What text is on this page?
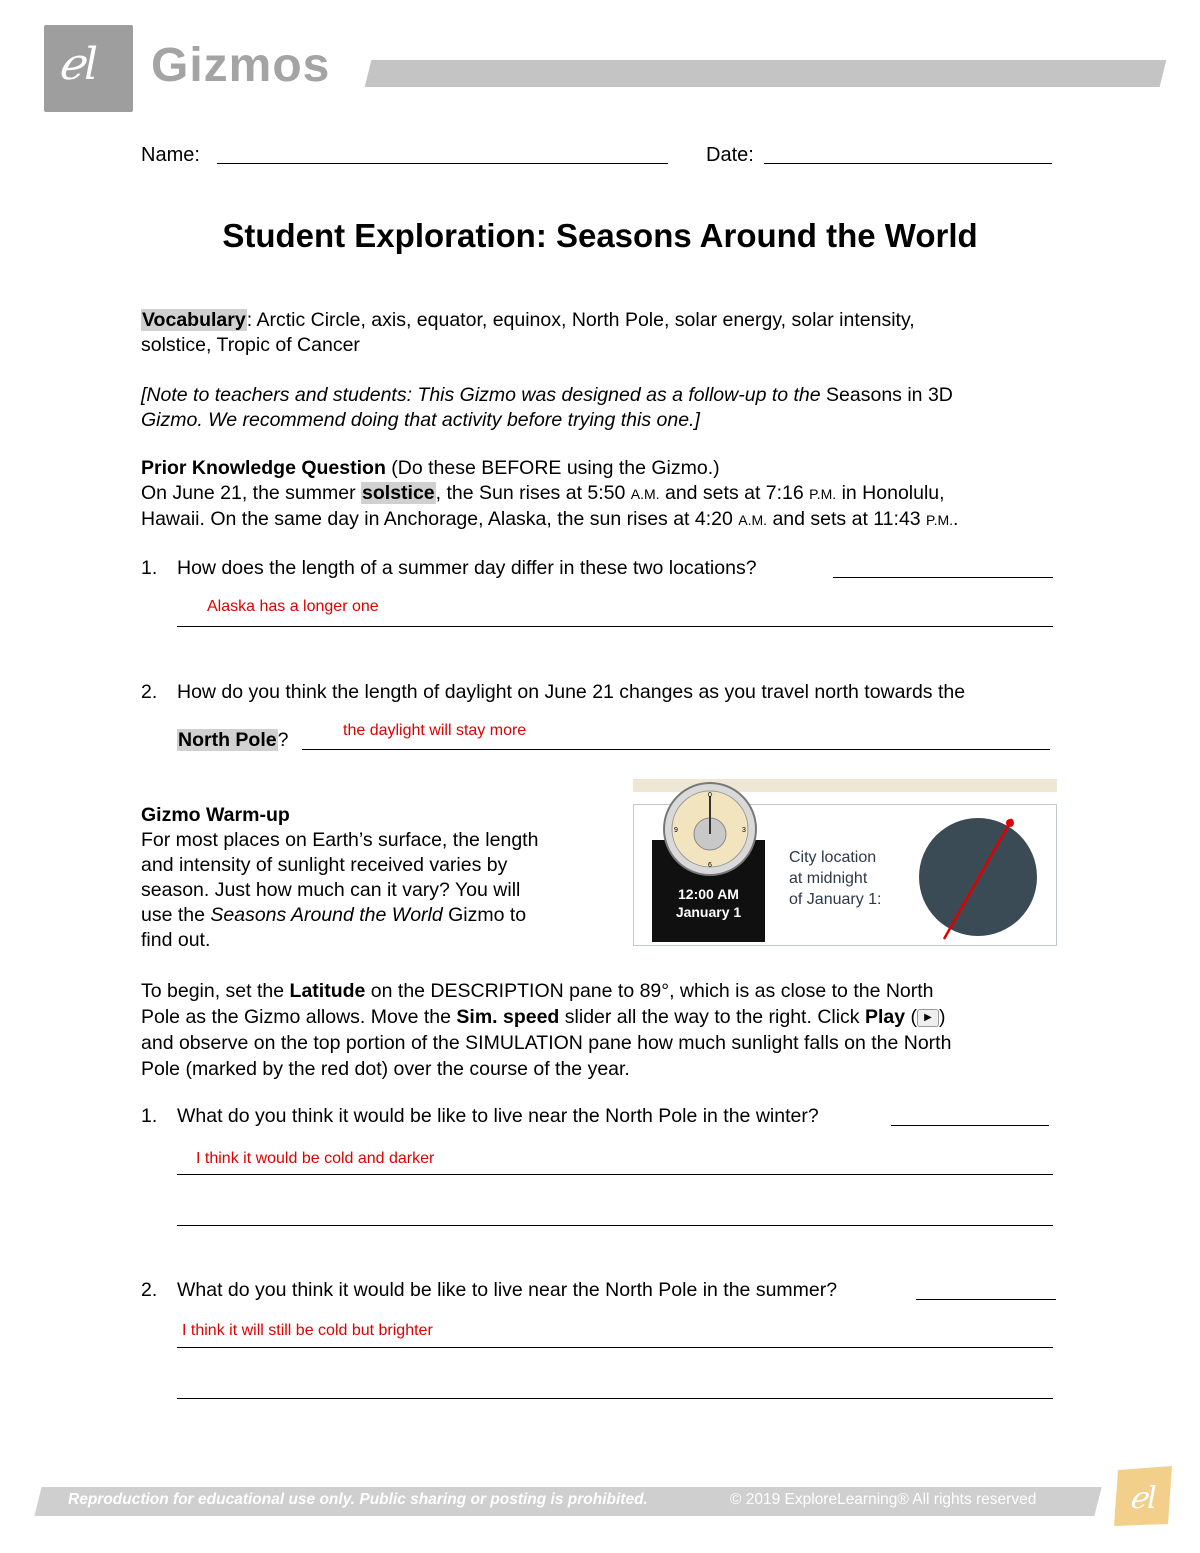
ℯl Gizmos
Name:	Date:
Student Exploration: Seasons Around the World
Vocabulary: Arctic Circle, axis, equator, equinox, North Pole, solar energy, solar intensity,
solstice, Tropic of Cancer
[Note to teachers and students: This Gizmo was designed as a follow-up to the Seasons in 3D
Gizmo. We recommend doing that activity before trying this one.]
Prior Knowledge Question (Do these BEFORE using the Gizmo.)
On June 21, the summer solstice, the Sun rises at 5:50 A.M. and sets at 7:16 P.M. in Honolulu,
Hawaii. On the same day in Anchorage, Alaska, the sun rises at 4:20 A.M. and sets at 11:43 P.M..
1. How does the length of a summer day differ in these two locations?
Alaska has a longer one
2. How do you think the length of daylight on June 21 changes as you travel north towards the
North Pole?	the daylight will stay more
Gizmo Warm-up
For most places on Earth’s surface, the length
and intensity of sunlight received varies by
season. Just how much can it vary? You will
use the Seasons Around the World Gizmo to
find out.
12:00 AM
January 1
0
3
6
9
City location
at midnight
of January 1:
To begin, set the Latitude on the DESCRIPTION pane to 89°, which is as close to the North
Pole as the Gizmo allows. Move the Sim. speed slider all the way to the right. Click Play ( ▶ )
and observe on the top portion of the SIMULATION pane how much sunlight falls on the North
Pole (marked by the red dot) over the course of the year.
1. What do you think it would be like to live near the North Pole in the winter?
I think it would be cold and darker
2. What do you think it would be like to live near the North Pole in the summer?
I think it will still be cold but brighter
Reproduction for educational use only. Public sharing or posting is prohibited.	© 2019 ExploreLearning® All rights reserved	ℯl
